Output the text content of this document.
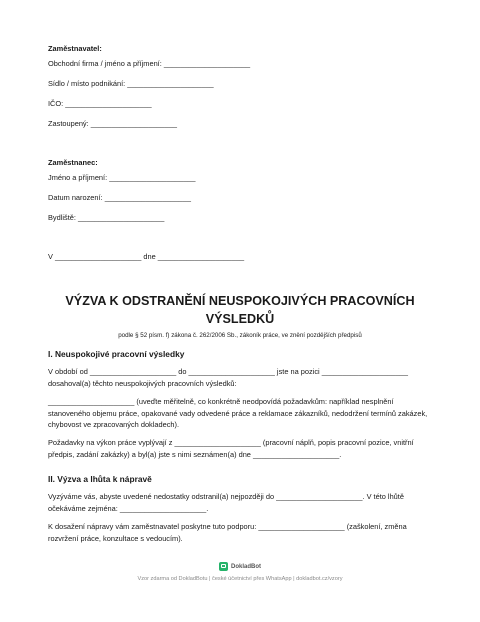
Zaměstnavatel:
Obchodní firma / jméno a příjmení: _____________________
Sídlo / místo podnikání: _____________________
IČO: _____________________
Zastoupený: _____________________
Zaměstnanec:
Jméno a příjmení: _____________________
Datum narození: _____________________
Bydliště: _____________________
V _____________________ dne _____________________
VÝZVA K ODSTRANĚNÍ NEUSPOKOJIVÝCH PRACOVNÍCH
VÝSLEDKŮ
podle § 52 písm. f) zákona č. 262/2006 Sb., zákoník práce, ve znění pozdějších předpisů
I. Neuspokojivé pracovní výsledky
V období od _____________________ do _____________________ jste na pozici _____________________ dosahoval(a) těchto neuspokojivých pracovních výsledků:
_____________________ (uveďte měřitelně, co konkrétně neodpovídá požadavkům: například nesplnění stanoveného objemu práce, opakované vady odvedené práce a reklamace zákazníků, nedodržení termínů zakázek, chybovost ve zpracovaných dokladech).
Požadavky na výkon práce vyplývají z _____________________ (pracovní náplň, popis pracovní pozice, vnitřní předpis, zadání zakázky) a byl(a) jste s nimi seznámen(a) dne _____________________.
II. Výzva a lhůta k nápravě
Vyzýváme vás, abyste uvedené nedostatky odstranil(a) nejpozději do _____________________. V této lhůtě očekáváme zejména: _____________________.
K dosažení nápravy vám zaměstnavatel poskytne tuto podporu: _____________________ (zaškolení, změna rozvržení práce, konzultace s vedoucím).
DokladBot
Vzor zdarma od DokladBotu | české účetnictví přes WhatsApp | dokladbot.cz/vzory
